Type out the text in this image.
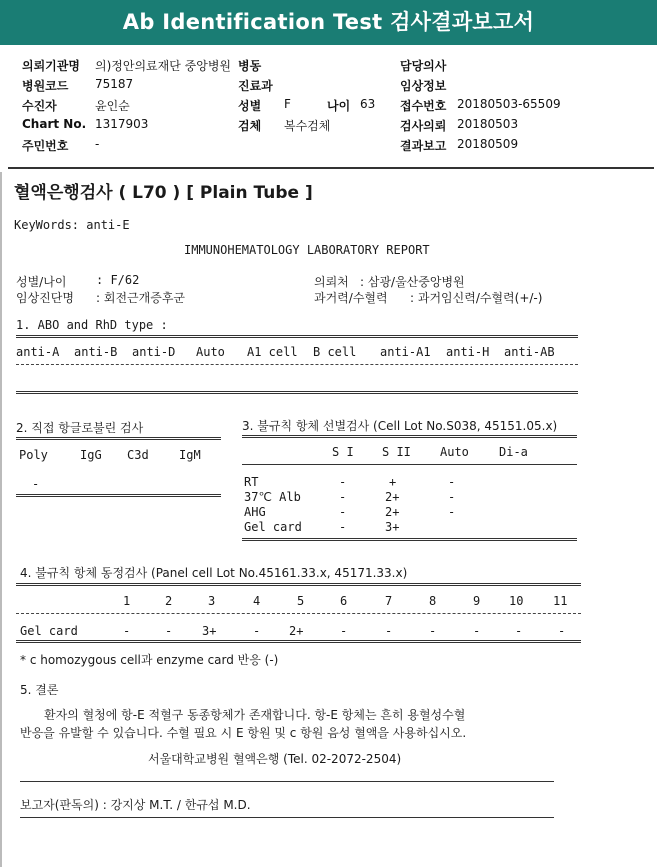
Ab Identification Test 검사결과보고서
의뢰기관명 의)정안의료재단 중앙병원 병동	담당의사
병원코드 75187	진료과	임상정보
수진자	윤인순	성별 F	나이 63 접수번호 20180503-65509
Chart No. 1317903	검체 복수검체	검사의뢰 20180503
주민번호 -	결과보고 20180509
혈액은행검사 ( L70 ) [ Plain Tube ]
KeyWords: anti-E
IMMUNOHEMATOLOGY LABORATORY REPORT
성별/나이 : F/62	의뢰처 : 삼광/울산중앙병원
임상진단명 : 회전근개증후군	과거력/수혈력 : 과거임신력/수혈력(+/-)
1. ABO and RhD type :
anti-A anti-B anti-D Auto A1 cell B cell anti-A1 anti-H anti-AB
2. 직접 항글로불린 검사
Poly	IgG C3d	IgM
-
3. 불규칙 항체 선별검사 (Cell Lot No.S038, 45151.05.x)
S I S II Auto	Di-a
RT	-	+	-
37℃ Alb	-	2+	-
AHG	-	2+	-
Gel card	-	3+
4. 불규칙 항체 동정검사 (Panel cell Lot No.45161.33.x, 45171.33.x)
1	2	3	4	5	6	7	8	9 10 11
Gel card	-	- 3+	- 2+	-	-	-	-	-	-
* c homozygous cell과 enzyme card 반응 (-)
5. 결론
환자의 혈청에 항-E 적혈구 동종항체가 존재합니다. 항-E 항체는 흔히 용혈성수혈
반응을 유발할 수 있습니다. 수혈 필요 시 E 항원 및 c 항원 음성 혈액을 사용하십시오.
서울대학교병원 혈액은행 (Tel. 02-2072-2504)
보고자(판독의) : 강지상 M.T. / 한규섭 M.D.
